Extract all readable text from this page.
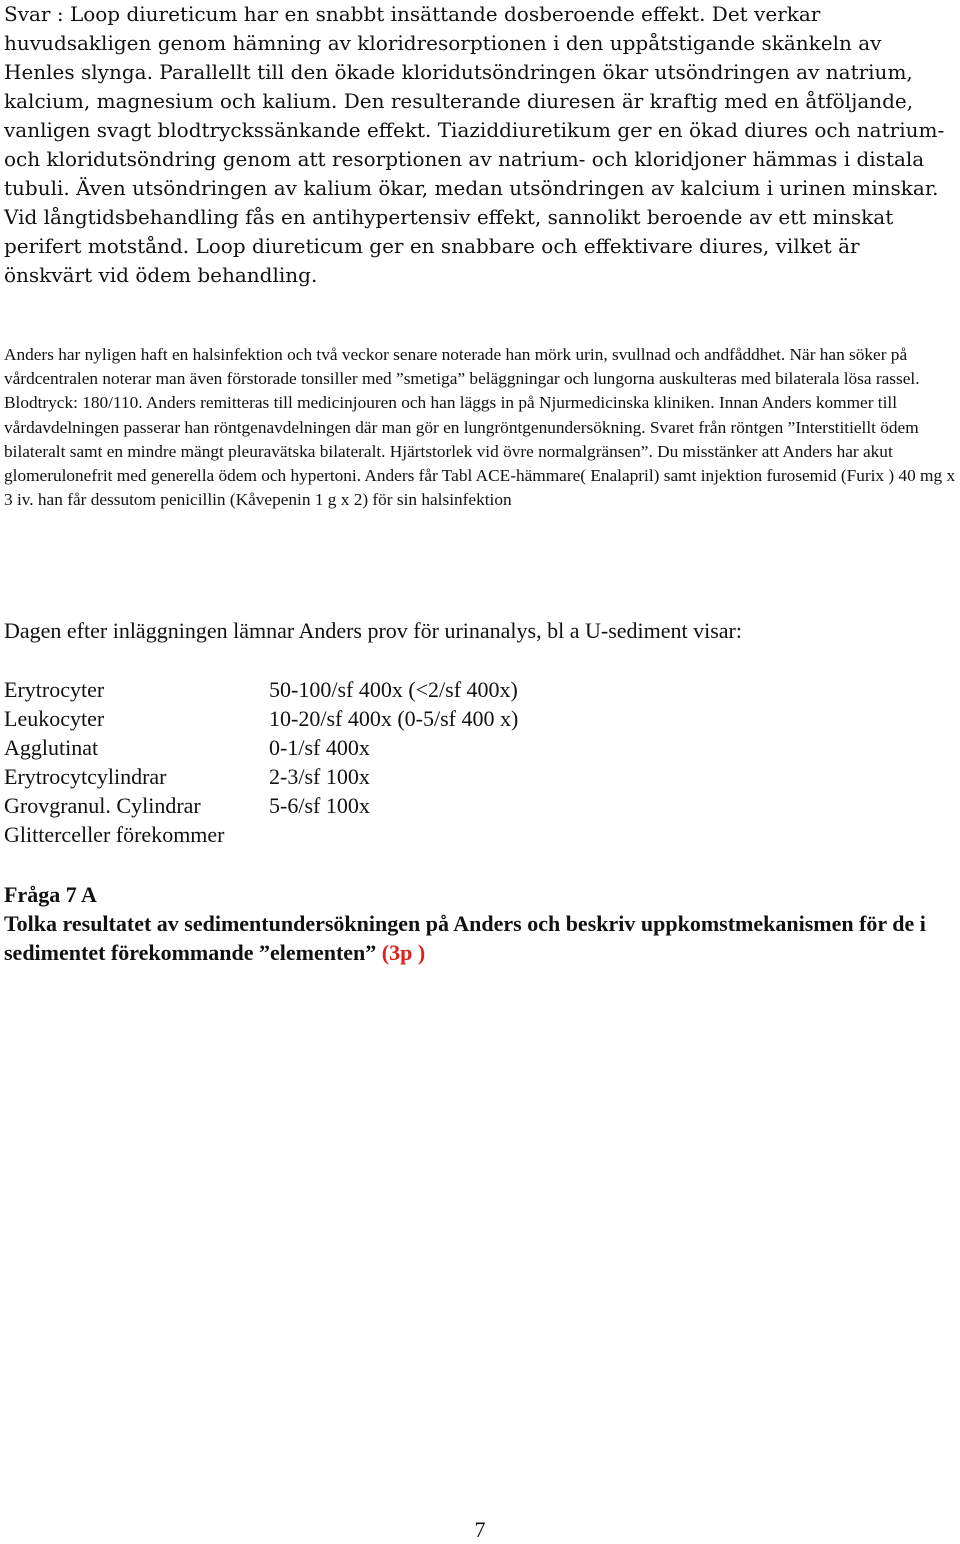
Svar : Loop diureticum har en snabbt insättande dosberoende effekt. Det verkar huvudsakligen genom hämning av kloridresorptionen i den uppåtstigande skänkeln av Henles slynga. Parallellt till den ökade kloridutsöndringen ökar utsöndringen av natrium, kalcium, magnesium och kalium. Den resulterande diuresen är kraftig med en åtföljande, vanligen svagt blodtryckssänkande effekt. Tiaziddiuretikum ger en ökad diures och natrium- och kloridutsöndring genom att resorptionen av natrium- och kloridjoner hämmas i distala tubuli. Även utsöndringen av kalium ökar, medan utsöndringen av kalcium i urinen minskar. Vid långtidsbehandling fås en antihypertensiv effekt, sannolikt beroende av ett minskat perifert motstånd. Loop diureticum ger en snabbare och effektivare diures, vilket är önskvärt vid ödem behandling.

Anders har nyligen haft en halsinfektion och två veckor senare noterade han mörk urin, svullnad och andfåddhet. När han söker på vårdcentralen noterar man även förstorade tonsiller med ”smetiga” beläggningar och lungorna auskulteras med bilaterala lösa rassel. Blodtryck: 180/110. Anders remitteras till medicinjouren och han läggs in på Njurmedicinska kliniken. Innan Anders kommer till vårdavdelningen passerar han röntgenavdelningen där man gör en lungröntgenundersökning. Svaret från röntgen ”Interstitiellt ödem bilateralt samt en mindre mängt pleuravätska bilateralt. Hjärtstorlek vid övre normalgränsen”. Du misstänker att Anders har akut glomerulonefrit med generella ödem och hypertoni. Anders får Tabl ACE-hämmare( Enalapril) samt injektion furosemid (Furix ) 40 mg x 3 iv. han får dessutom penicillin (Kåvepenin 1 g x 2) för sin halsinfektion

Dagen efter inläggningen lämnar Anders prov för urinanalys, bl a U-sediment visar:

Erytrocyter	50-100/sf 400x (<2/sf 400x)
Leukocyter	10-20/sf 400x (0-5/sf 400 x)
Agglutinat	0-1/sf 400x
Erytrocytcylindrar	2-3/sf 100x
Grovgranul. Cylindrar	5-6/sf 100x
Glitterceller förekommer
Fråga 7 A
Tolka resultatet av sedimentundersökningen på Anders och beskriv uppkomstmekanismen för de i sedimentet förekommande ”elementen” (3p )
7
